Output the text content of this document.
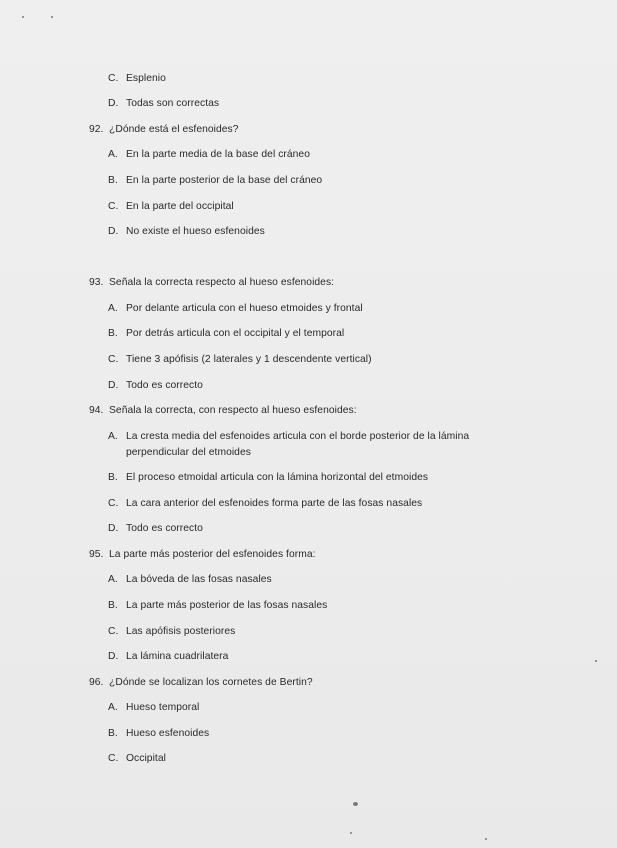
C. Esplenio
D. Todas son correctas
92. ¿Dónde está el esfenoides?
A. En la parte media de la base del cráneo
B. En la parte posterior de la base del cráneo
C. En la parte del occipital
D. No existe el hueso esfenoides
93. Señala la correcta respecto al hueso esfenoides:
A. Por delante articula con el hueso etmoides y frontal
B. Por detrás articula con el occipital y el temporal
C. Tiene 3 apófisis (2 laterales y 1 descendente vertical)
D. Todo es correcto
94. Señala la correcta, con respecto al hueso esfenoides:
A. La cresta media del esfenoides articula con el borde posterior de la lámina
perpendicular del etmoides
B. El proceso etmoidal articula con la lámina horizontal del etmoides
C. La cara anterior del esfenoides forma parte de las fosas nasales
D. Todo es correcto
95. La parte más posterior del esfenoides forma:
A. La bóveda de las fosas nasales
B. La parte más posterior de las fosas nasales
C. Las apófisis posteriores
D. La lámina cuadrilatera
96. ¿Dónde se localizan los cornetes de Bertin?
A. Hueso temporal
B. Hueso esfenoides
C. Occipital
